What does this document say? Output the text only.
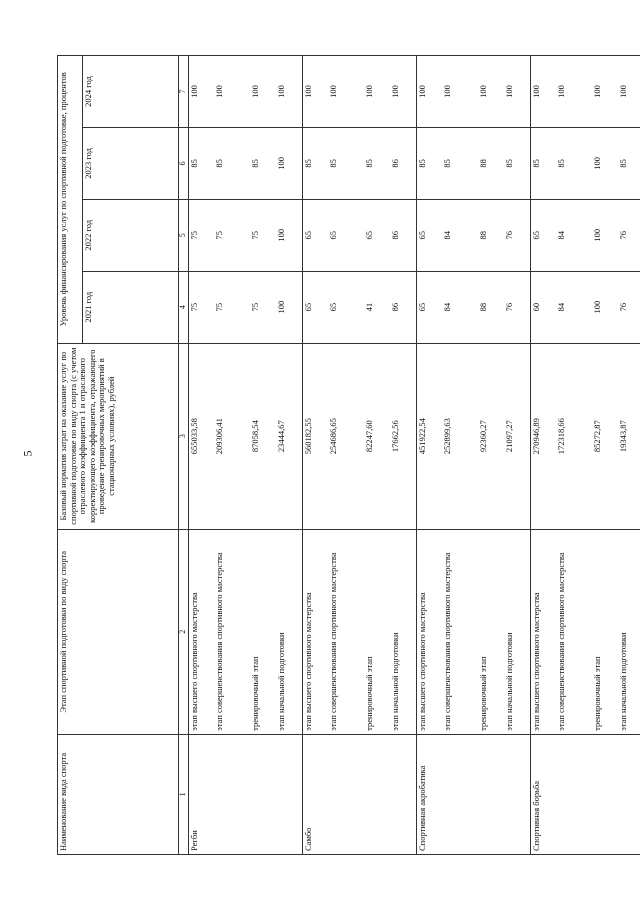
5
Наименование вида спорта	Этап спортивной подготовки по виду спорта	Базовый норматив затрат на оказание услуг по спортивной подготовке по виду спорта (с учетом отраслевого коэффициента 1 и отраслевого корректирующего коэффициента, отражающего проведение тренировочных мероприятий в стационарных условиях), рублей	Уровень финансирования услуг по спортивной подготовке, процентов			
			2021 год	2022 год	2023 год	2024 год
1	2	3	4	5	6	7
Регби	этап высшего спортивного мастерства	655033,58	75	75	85	100
	этап совершенствования спортивного мастерства	209306,41	75	75	85	100
	тренировочный этап	87058,54	75	75	85	100
	этап начальной подготовки	23444,67	100	100	100	100
Самбо	этап высшего спортивного мастерства	560182,55	65	65	85	100
	этап совершенствования спортивного мастерства	254686,65	65	65	85	100
	тренировочный этап	82247,60	41	65	85	100
	этап начальной подготовки	17662,56	86	86	86	100
Спортивная акробатика	этап высшего спортивного мастерства	451922,54	65	65	85	100
	этап совершенствования спортивного мастерства	252899,63	84	84	85	100
	тренировочный этап	92360,27	88	88	88	100
	этап начальной подготовки	21097,27	76	76	85	100
Спортивная борьба	этап высшего спортивного мастерства	270946,89	60	65	85	100
	этап совершенствования спортивного мастерства	172318,66	84	84	85	100
	тренировочный этап	85272,87	100	100	100	100
	этап начальной подготовки	19343,87	76	76	85	100
